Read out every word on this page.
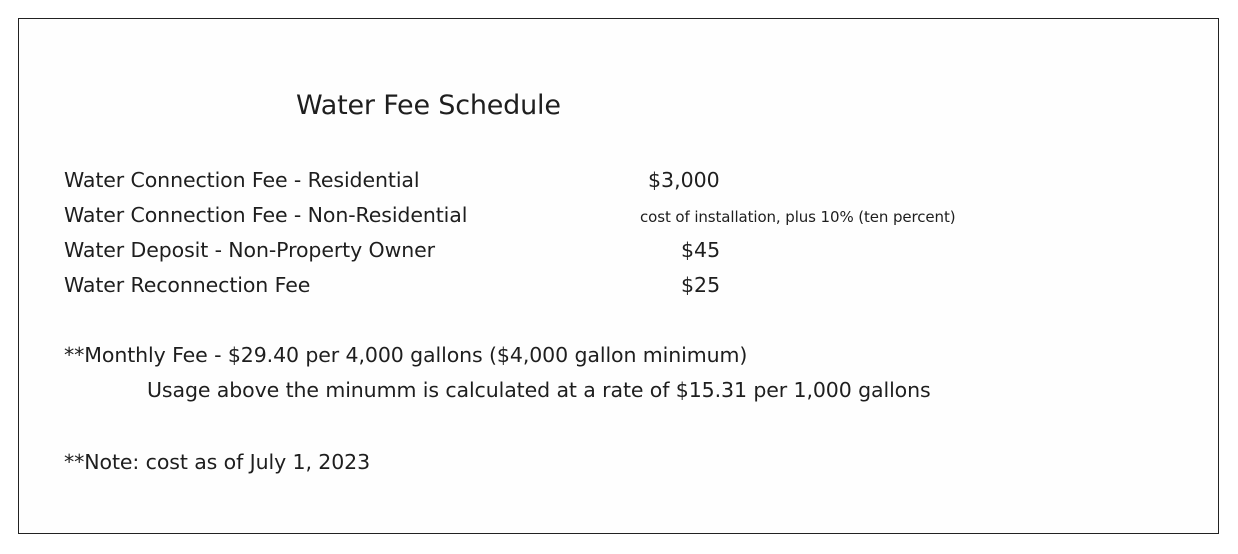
Water Fee Schedule
Water Connection Fee - Residential	$3,000
Water Connection Fee - Non-Residential	cost of installation, plus 10% (ten percent)
Water Deposit - Non-Property Owner	$45
Water Reconnection Fee	$25
**Monthly Fee - $29.40 per 4,000 gallons ($4,000 gallon minimum)
Usage above the minumm is calculated at a rate of $15.31 per 1,000 gallons
**Note: cost as of July 1, 2023
